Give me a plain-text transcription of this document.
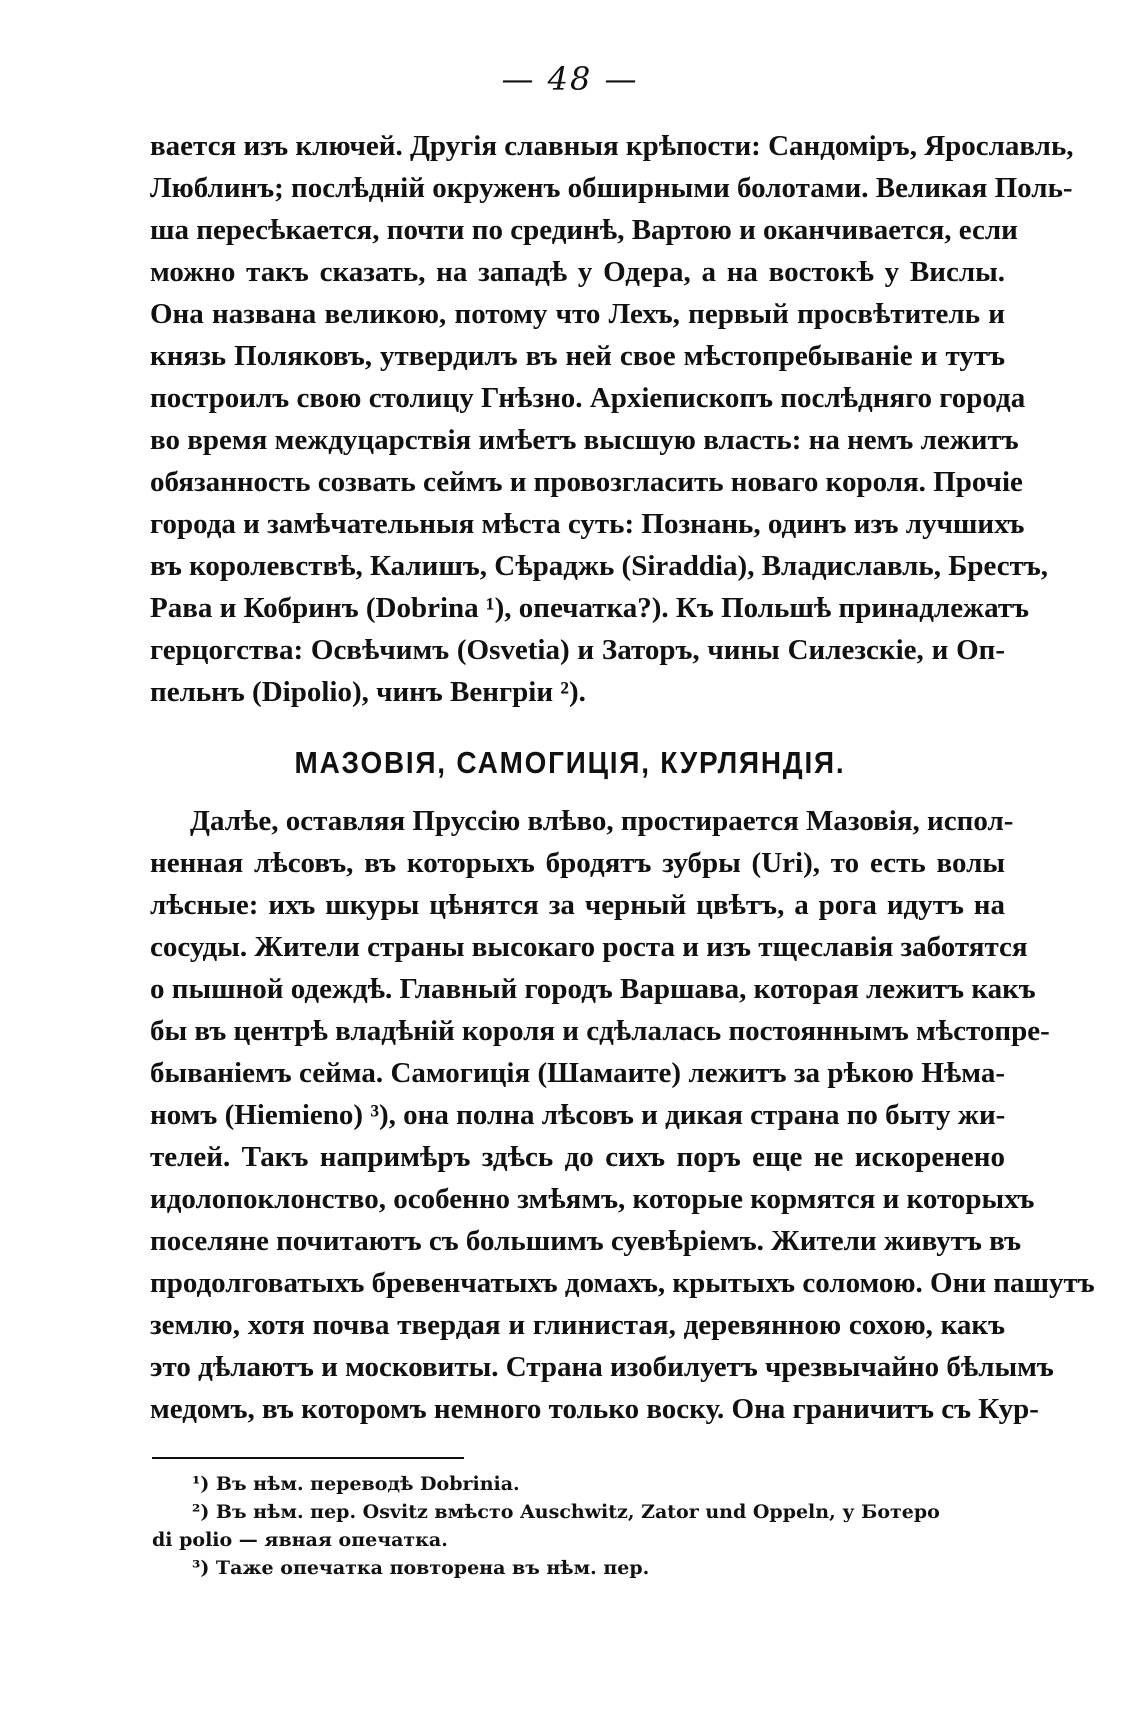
— 48 —
вается изъ ключей. Другія славныя крѣпости: Сандоміръ, Ярославль,
Люблинъ; послѣдній окруженъ обширными болотами. Великая Поль-
ша пересѣкается, почти по срединѣ, Вартою и оканчивается, если
можно такъ сказать, на западѣ у Одера, а на востокѣ у Вислы.
Она названа великою, потому что Лехъ, первый просвѣтитель и
князь Поляковъ, утвердилъ въ ней свое мѣстопребываніе и тутъ
построилъ свою столицу Гнѣзно. Архіепископъ послѣдняго города
во время междуцарствія имѣетъ высшую власть: на немъ лежитъ
обязанность созвать сеймъ и провозгласить новаго короля. Прочіе
города и замѣчательныя мѣста суть: Познань, одинъ изъ лучшихъ
въ королевствѣ, Калишъ, Сѣраджь (Siraddia), Владиславль, Брестъ,
Рава и Кобринъ (Dobrina ¹), опечатка?). Къ Польшѣ принадлежатъ
герцогства: Освѣчимъ (Osvetia) и Заторъ, чины Силезскіе, и Оп-
пельнъ (Dipolio), чинъ Венгріи ²).
МАЗОВІЯ, САМОГИЦІЯ, КУРЛЯНДІЯ.
Далѣе, оставляя Пруссію влѣво, простирается Мазовія, испол-
ненная лѣсовъ, въ которыхъ бродятъ зубры (Uri), то есть волы
лѣсные: ихъ шкуры цѣнятся за черный цвѣтъ, а рога идутъ на
сосуды. Жители страны высокаго роста и изъ тщеславія заботятся
о пышной одеждѣ. Главный городъ Варшава, которая лежитъ какъ
бы въ центрѣ владѣній короля и сдѣлалась постояннымъ мѣстопре-
быванiемъ сейма. Самогиція (Шамаите) лежитъ за рѣкою Нѣма-
номъ (Hiemieno) ³), она полна лѣсовъ и дикая страна по быту жи-
телей. Такъ напримѣръ здѣсь до сихъ поръ еще не искоренено
идолопоклонство, особенно змѣямъ, которые кормятся и которыхъ
поселяне почитаютъ съ большимъ суевѣріемъ. Жители живутъ въ
продолговатыхъ бревенчатыхъ домахъ, крытыхъ соломою. Они пашутъ
землю, хотя почва твердая и глинистая, деревянною сохою, какъ
это дѣлаютъ и московиты. Страна изобилуетъ чрезвычайно бѣлымъ
медомъ, въ которомъ немного только воску. Она граничитъ съ Кур-
¹) Въ нѣм. переводѣ Dobrinia.
²) Въ нѣм. пер. Osvitz вмѣсто Auschwitz, Zator und Oppeln, у Ботеро
di polio — явная опечатка.
³) Таже опечатка повторена въ нѣм. пер.
